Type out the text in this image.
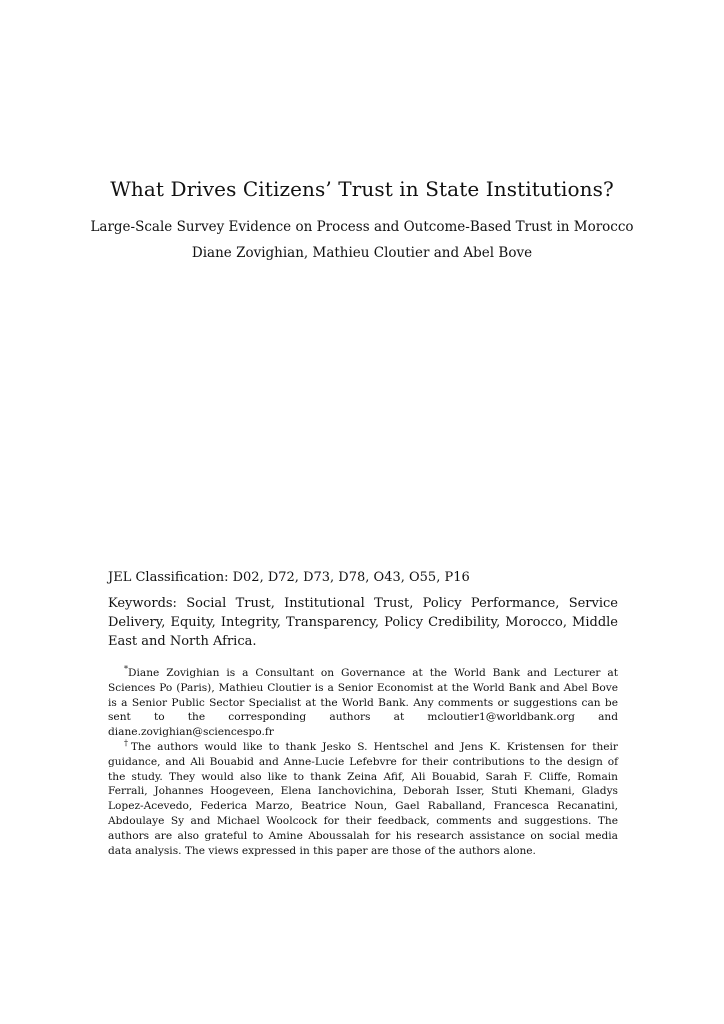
What Drives Citizens’ Trust in State Institutions?
Large-Scale Survey Evidence on Process and Outcome-Based Trust in Morocco
Diane Zovighian, Mathieu Cloutier and Abel Bove
JEL Classification: D02, D72, D73, D78, O43, O55, P16
Keywords: Social Trust, Institutional Trust, Policy Performance, Service Delivery, Equity, Integrity, Transparency, Policy Credibility, Morocco, Middle East and North Africa.

*Diane Zovighian is a Consultant on Governance at the World Bank and Lecturer at Sciences Po (Paris), Mathieu Cloutier is a Senior Economist at the World Bank and Abel Bove is a Senior Public Sector Specialist at the World Bank. Any comments or suggestions can be sent to the corresponding authors at mcloutier1@worldbank.org and diane.zovighian@sciencespo.fr

†The authors would like to thank Jesko S. Hentschel and Jens K. Kristensen for their guidance, and Ali Bouabid and Anne-Lucie Lefebvre for their contributions to the design of the study. They would also like to thank Zeina Afif, Ali Bouabid, Sarah F. Cliffe, Romain Ferrali, Johannes Hoogeveen, Elena Ianchovichina, Deborah Isser, Stuti Khemani, Gladys Lopez-Acevedo, Federica Marzo, Beatrice Noun, Gael Raballand, Francesca Recanatini, Abdoulaye Sy and Michael Woolcock for their feedback, comments and suggestions. The authors are also grateful to Amine Aboussalah for his research assistance on social media data analysis. The views expressed in this paper are those of the authors alone.
